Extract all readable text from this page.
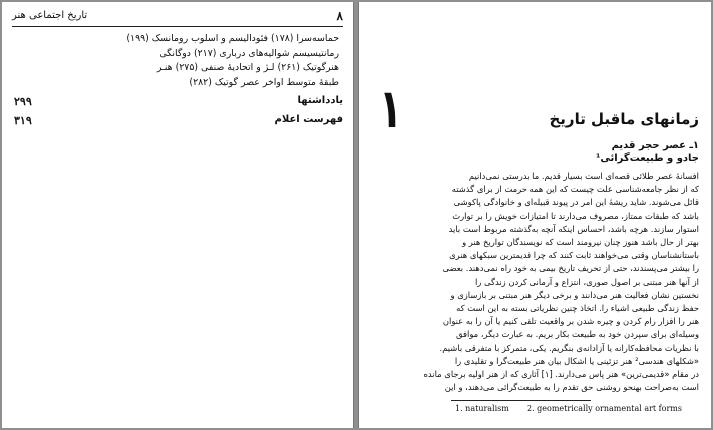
۸
تاریخ اجتماعی هنر
حماسه‌سرا (۱۷۸) فئودالیسم و اسلوب رومانسک (۱۹۹)
رمانتیسیسم شوالیه‌های درباری (۲۱۷) دوگانگی
هنرگوتیک (۲۶۱) لـژ و اتحادیهٔ صنفی (۲۷۵) هنـر
طبقهٔ متوسط اواخر عصر گوتیک (۲۸۲)
یادداشتها
۲۹۹
فهرست اعلام
۳۱۹	۱	زمانهای ماقبل تاریخ
۱ـ عصر حجر قدیم
جادو و طبیعت‌گرائی¹
افسانهٔ عصر طلائی قصه‌ای است بسیار قدیم. ما بدرستی نمی‌دانیم
که از نظر جامعه‌شناسی علت چیست که این همه حرمت از برای گذشته
قائل می‌شوند. شاید ریشهٔ این امر در پیوند قبیله‌ای و خانوادگی پاکوشی
باشد که طبقات ممتاز، مصروف می‌دارند تا امتیازات خویش را بر توارث
استوار سازند. هرچه باشد، احساس اینکه آنچه به‌گذشته مربوط است باید
بهتر از حال باشد هنوز چنان نیرومند است که نویسندگان تواریخ هنر و
باستانشناسان وقتی می‌خواهند ثابت کنند که چرا قدیمترین سبکهای هنری
را بیشتر می‌پسندند، حتی از تحریف تاریخ بیمی به خود راه نمی‌دهند. بعضی
از آنها هنر مبتنی بر اصول صوری، انتزاع و آرمانی کردن زندگی را
نخستین نشان فعالیت هنر می‌دانند و برخی دیگر هنر مبتنی بر بازسازی و
حفظ زندگی طبیعی اشیاء را. اتخاذ چنین نظریاتی بسته به این است که
هنر را افزار رام کردن و چیره شدن بر واقعیت تلقی کنیم یا آن را به عنوان
وسیله‌ای برای سپردن خود به طبیعت بکار بریم. به عبارت دیگر، موافق
با نظریات محافظه‌کارانه یا آزادانه‌ی بنگریم. یکی، متمرکز با متفرقی باشیم.
«شکلهای هندسی² هنر تزئینی یا اشکال بیان هنر طبیعت‌گرا و تقلیدی را
در مقام «قدیمی‌ترین» هنر پاس می‌دارند. [۱] آثاری که از هنر اولیه برجای مانده
است به‌صراحت بهنحو روشنی حق تقدم را به طبیعت‌گرائی می‌دهند، و این
1. naturalism 2. geometrically ornamental art forms
